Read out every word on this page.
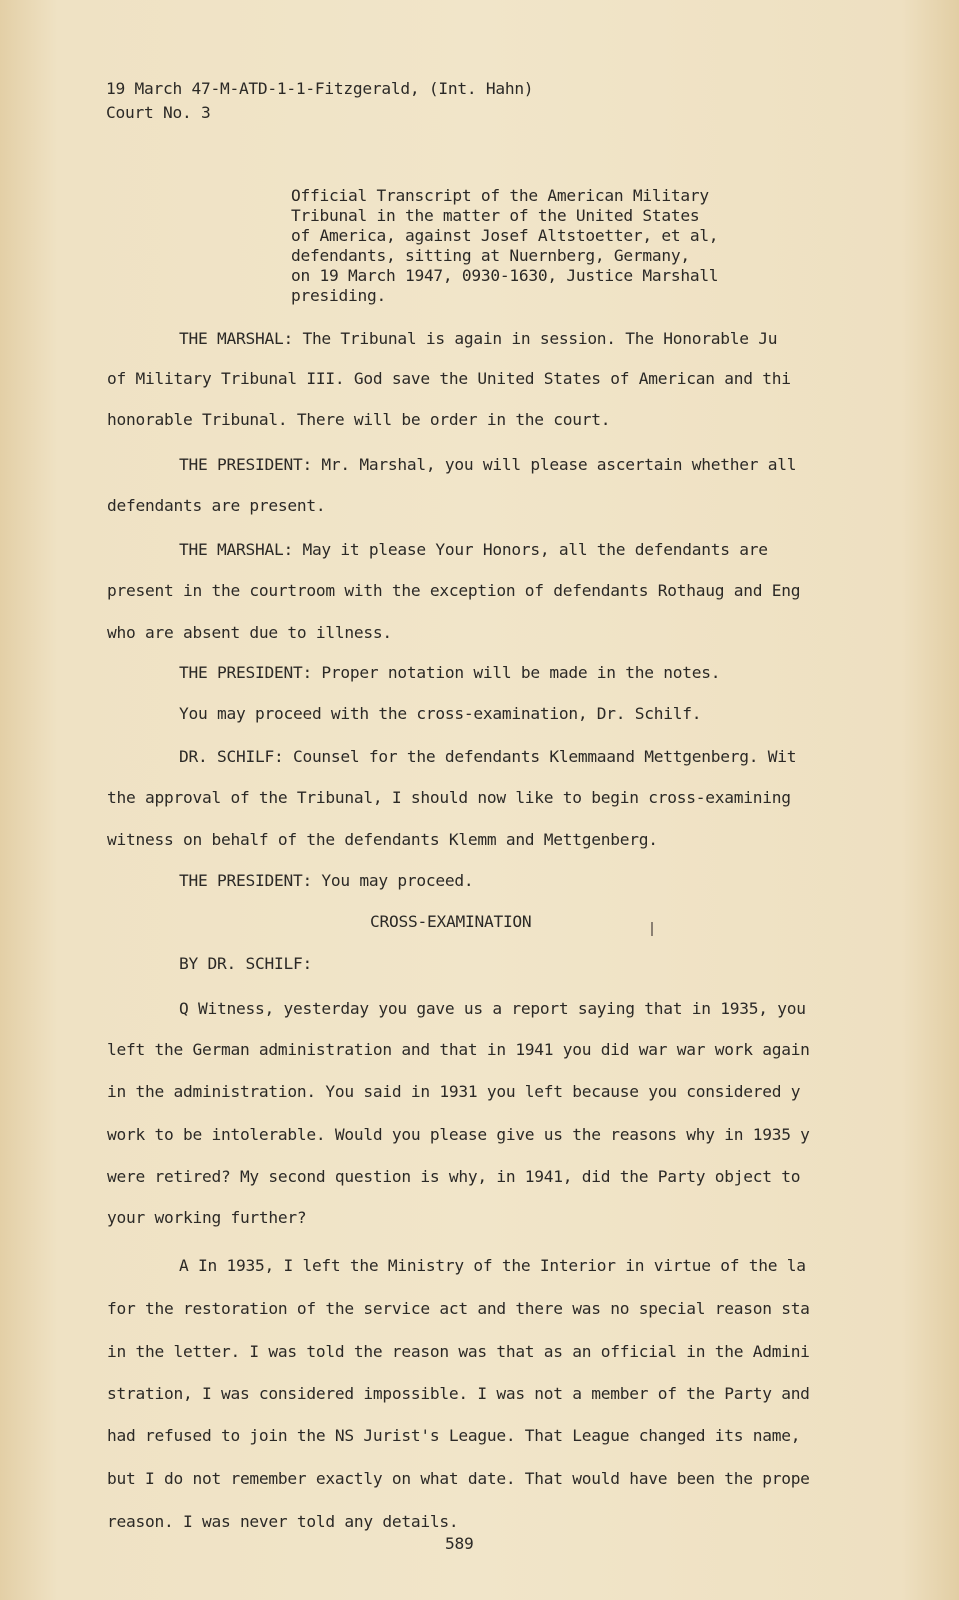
19 March 47-M-ATD-1-1-Fitzgerald, (Int. Hahn)
Court No. 3
Official Transcript of the American Military
Tribunal in the matter of the United States
of America, against Josef Altstoetter, et al,
defendants, sitting at Nuernberg, Germany,
on 19 March 1947, 0930-1630, Justice Marshall
presiding.
THE MARSHAL: The Tribunal is again in session. The Honorable Ju
of Military Tribunal III. God save the United States of American and thi
honorable Tribunal. There will be order in the court.
THE PRESIDENT: Mr. Marshal, you will please ascertain whether all
defendants are present.
THE MARSHAL: May it please Your Honors, all the defendants are
present in the courtroom with the exception of defendants Rothaug and Eng
who are absent due to illness.
THE PRESIDENT: Proper notation will be made in the notes.
You may proceed with the cross-examination, Dr. Schilf.
DR. SCHILF: Counsel for the defendants Klemmaand Mettgenberg. Wit
the approval of the Tribunal, I should now like to begin cross-examining
witness on behalf of the defendants Klemm and Mettgenberg.
THE PRESIDENT: You may proceed.
CROSS-EXAMINATION
BY DR. SCHILF:
Q Witness, yesterday you gave us a report saying that in 1935, you
left the German administration and that in 1941 you did war war work again
in the administration. You said in 1931 you left because you considered y
work to be intolerable. Would you please give us the reasons why in 1935 y
were retired? My second question is why, in 1941, did the Party object to
your working further?
A In 1935, I left the Ministry of the Interior in virtue of the la
for the restoration of the service act and there was no special reason sta
in the letter. I was told the reason was that as an official in the Admini
stration, I was considered impossible. I was not a member of the Party and
had refused to join the NS Jurist's League. That League changed its name,
but I do not remember exactly on what date. That would have been the prope
reason. I was never told any details.
589
